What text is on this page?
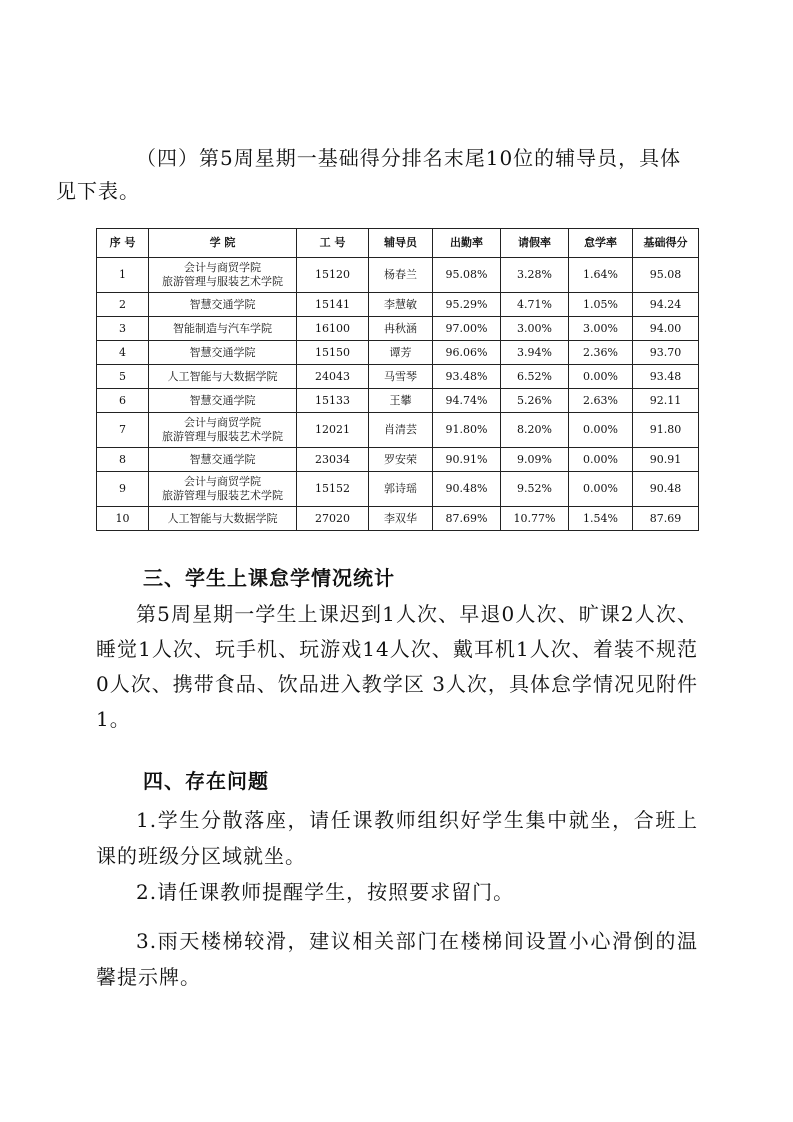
（四）第5周星期一基础得分排名末尾10位的辅导员，具体
见下表。
序 号	学 院	工 号	辅导员	出勤率	请假率	怠学率	基础得分
1	会计与商贸学院
旅游管理与服装艺术学院	15120	杨春兰	95.08%	3.28%	1.64%	95.08
2	智慧交通学院	15141	李慧敏	95.29%	4.71%	1.05%	94.24
3	智能制造与汽车学院	16100	冉秋涵	97.00%	3.00%	3.00%	94.00
4	智慧交通学院	15150	谭芳	96.06%	3.94%	2.36%	93.70
5	人工智能与大数据学院	24043	马雪琴	93.48%	6.52%	0.00%	93.48
6	智慧交通学院	15133	王攀	94.74%	5.26%	2.63%	92.11
7	会计与商贸学院
旅游管理与服装艺术学院	12021	肖清芸	91.80%	8.20%	0.00%	91.80
8	智慧交通学院	23034	罗安荣	90.91%	9.09%	0.00%	90.91
9	会计与商贸学院
旅游管理与服装艺术学院	15152	郭诗瑶	90.48%	9.52%	0.00%	90.48
10	人工智能与大数据学院	27020	李双华	87.69%	10.77%	1.54%	87.69
三、学生上课怠学情况统计
第5周星期一学生上课迟到1人次、早退0人次、旷课2人次、睡觉1人次、玩手机、玩游戏14人次、戴耳机1人次、着装不规范0人次、携带食品、饮品进入教学区 3人次，具体怠学情况见附件1。
四、存在问题
1.学生分散落座，请任课教师组织好学生集中就坐，合班上课的班级分区域就坐。
2.请任课教师提醒学生，按照要求留门。
3.雨天楼梯较滑，建议相关部门在楼梯间设置小心滑倒的温馨提示牌。
